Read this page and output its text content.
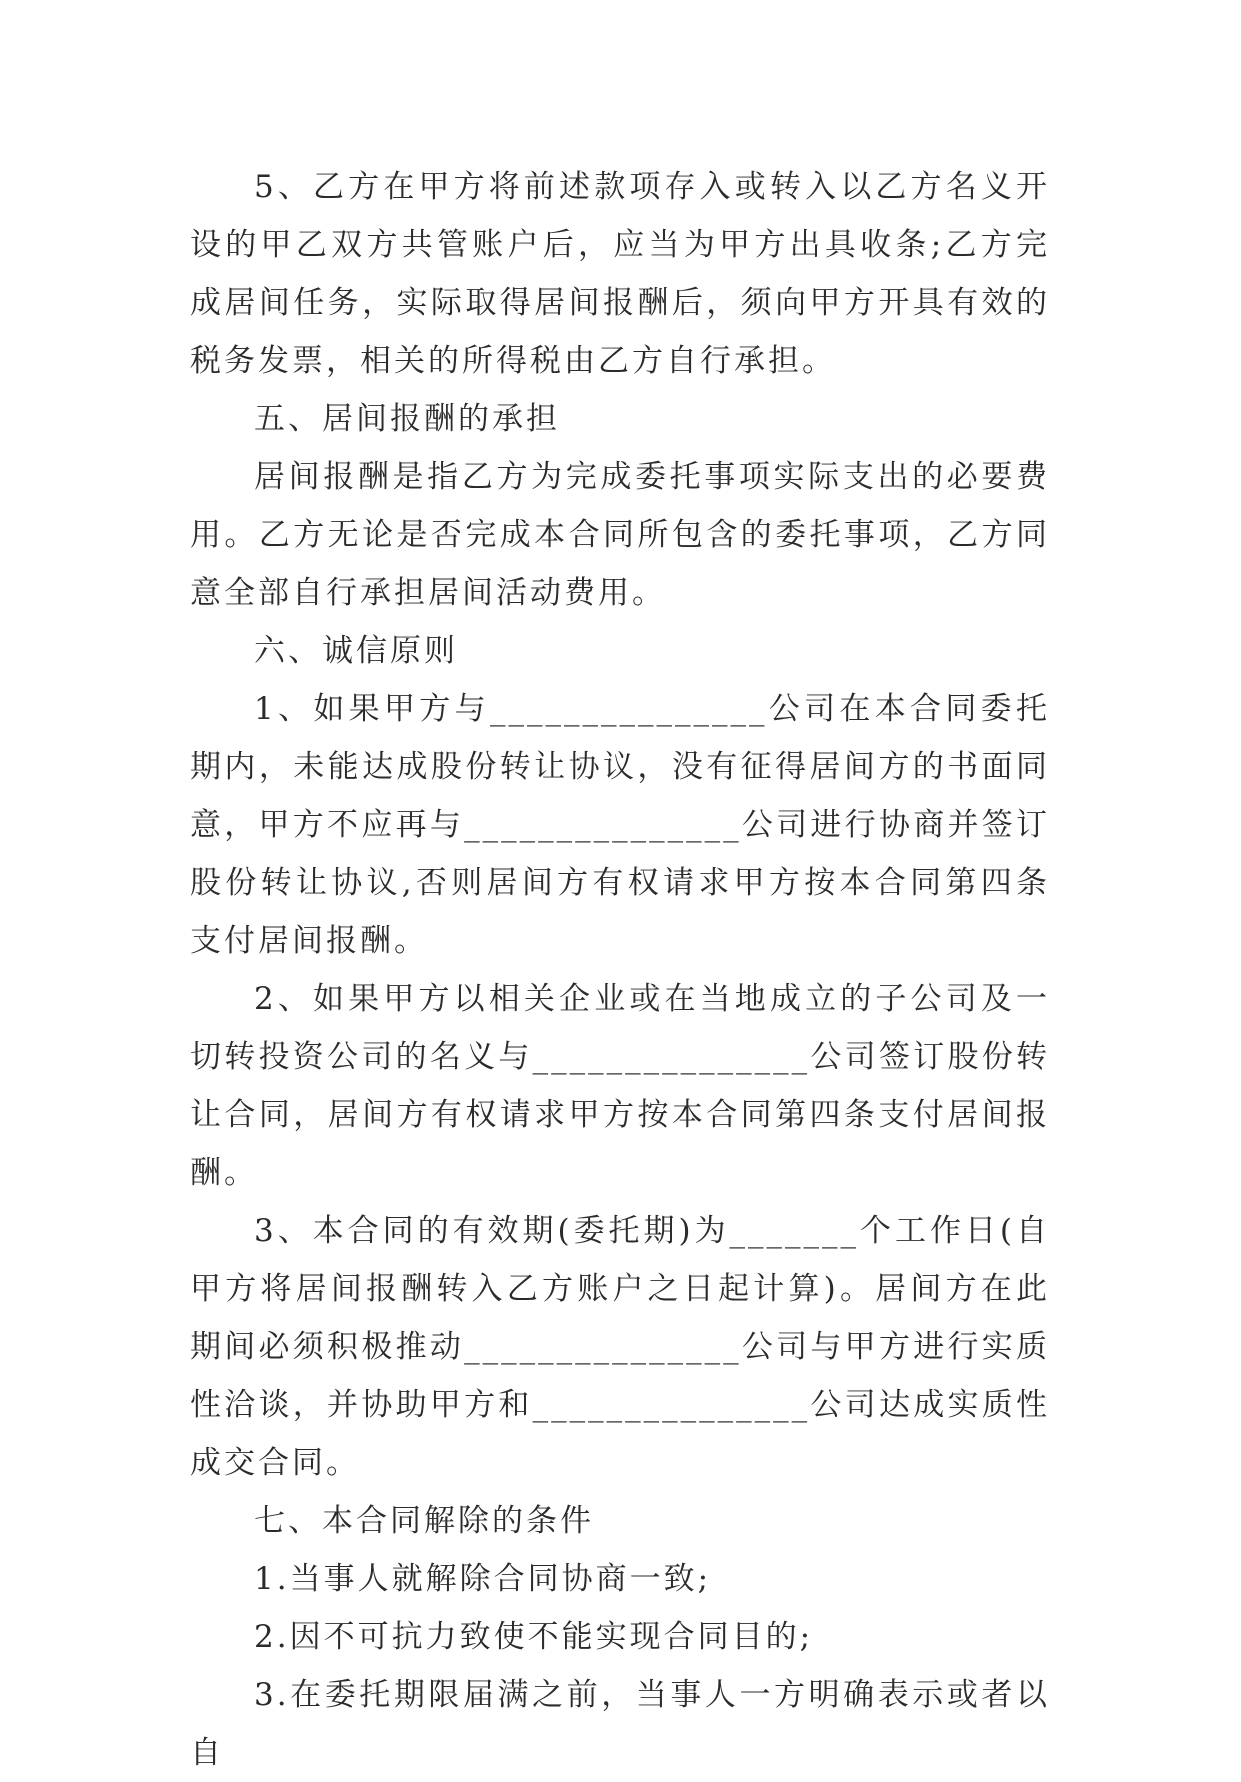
5、乙方在甲方将前述款项存入或转入以乙方名义开设的甲乙双方共管账户后，应当为甲方出具收条;乙方完成居间任务，实际取得居间报酬后，须向甲方开具有效的税务发票，相关的所得税由乙方自行承担。

五、居间报酬的承担

居间报酬是指乙方为完成委托事项实际支出的必要费用。乙方无论是否完成本合同所包含的委托事项，乙方同意全部自行承担居间活动费用。

六、诚信原则

1、如果甲方与_______________公司在本合同委托期内，未能达成股份转让协议，没有征得居间方的书面同意，甲方不应再与_______________公司进行协商并签订股份转让协议,否则居间方有权请求甲方按本合同第四条支付居间报酬。

2、如果甲方以相关企业或在当地成立的子公司及一切转投资公司的名义与_______________公司签订股份转让合同，居间方有权请求甲方按本合同第四条支付居间报酬。

3、本合同的有效期(委托期)为_______个工作日(自甲方将居间报酬转入乙方账户之日起计算)。居间方在此期间必须积极推动_______________公司与甲方进行实质性洽谈，并协助甲方和_______________公司达成实质性成交合同。

七、本合同解除的条件

1.当事人就解除合同协商一致;

2.因不可抗力致使不能实现合同目的;

3.在委托期限届满之前，当事人一方明确表示或者以自
